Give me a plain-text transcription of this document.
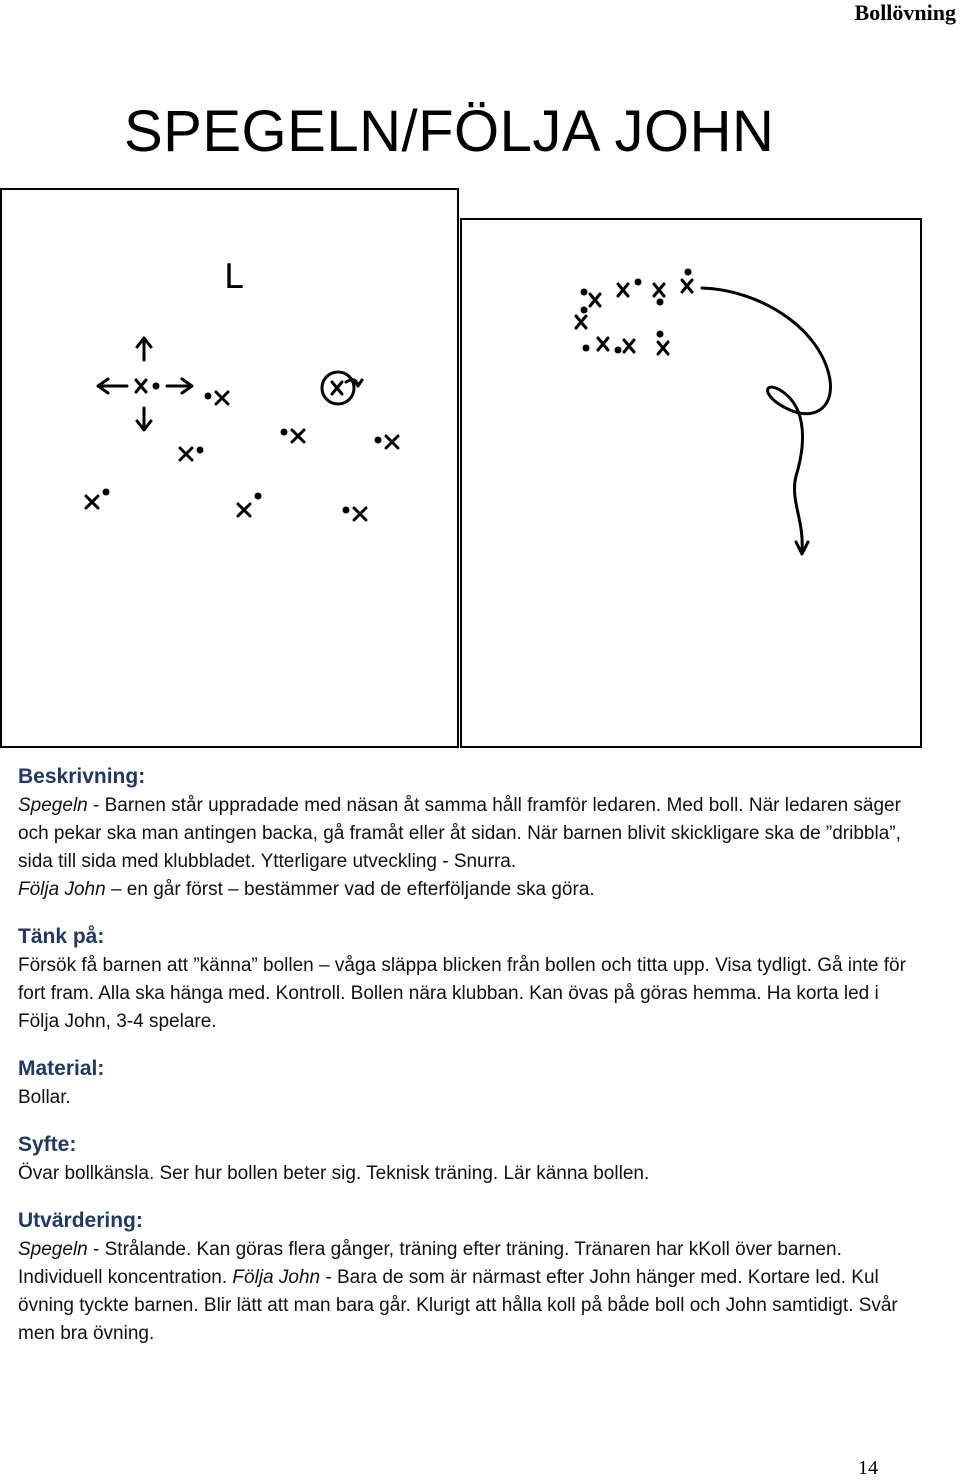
Bollövning
SPEGELN/FÖLJA JOHN
L
Beskrivning:

Spegeln - Barnen står uppradade med näsan åt samma håll framför ledaren. Med boll. När ledaren säger och pekar ska man antingen backa, gå framåt eller åt sidan. När barnen blivit skickligare ska de ”dribbla”, sida till sida med klubbladet. Ytterligare utveckling - Snurra.
Följa John – en går först – bestämmer vad de efterföljande ska göra.

Tänk på:

Försök få barnen att ”känna” bollen – våga släppa blicken från bollen och titta upp. Visa tydligt. Gå inte för fort fram. Alla ska hänga med. Kontroll. Bollen nära klubban. Kan övas på göras hemma. Ha korta led i Följa John, 3-4 spelare.

Material:

Bollar.

Syfte:

Övar bollkänsla. Ser hur bollen beter sig. Teknisk träning. Lär känna bollen.

Utvärdering:

Spegeln - Strålande. Kan göras flera gånger, träning efter träning. Tränaren har kKoll över barnen. Individuell koncentration. Följa John - Bara de som är närmast efter John hänger med. Kortare led. Kul övning tyckte barnen. Blir lätt att man bara går. Klurigt att hålla koll på både boll och John samtidigt. Svår men bra övning.

14
